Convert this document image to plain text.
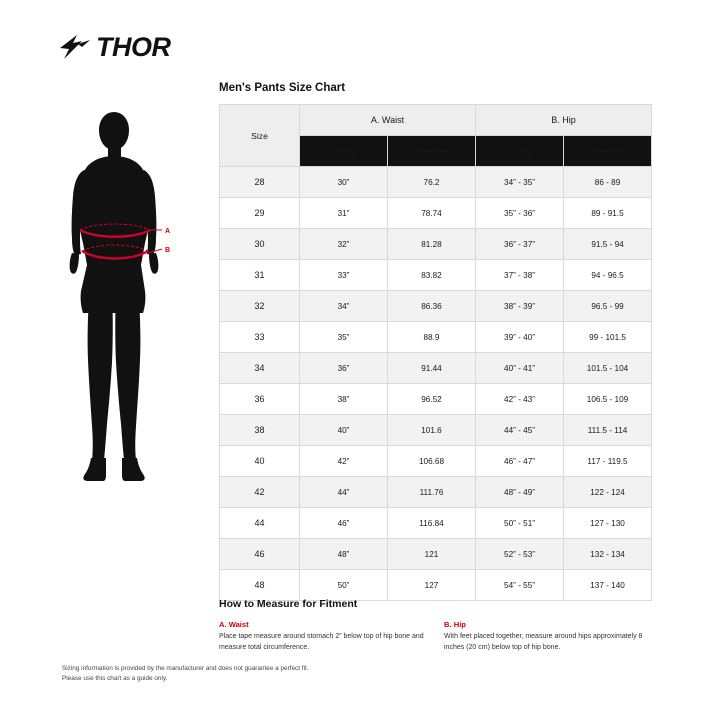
THOR
A
B
Men's Pants Size Chart
Size	A. Waist		B. Hip	
	Inches	Centimeters	Inches	Centimeters
28	30”	76.2	34” - 35”	86 - 89
29	31”	78.74	35” - 36”	89 - 91.5
30	32”	81.28	36” - 37”	91.5 - 94
31	33”	83.82	37” - 38”	94 - 96.5
32	34”	86.36	38” - 39”	96.5 - 99
33	35”	88.9	39” - 40”	99 - 101.5
34	36”	91.44	40” - 41”	101.5 - 104
36	38”	96.52	42” - 43”	106.5 - 109
38	40”	101.6	44” - 45”	111.5 - 114
40	42”	106.68	46” - 47”	117 - 119.5
42	44”	111.76	48” - 49”	122 - 124
44	46”	116.84	50” - 51”	127 - 130
46	48”	121	52” - 53”	132 - 134
48	50”	127	54” - 55”	137 - 140
How to Measure for Fitment
A. Waist
Place tape measure around stomach 2” below top of hip bone and measure total circumference.
B. Hip
With feet placed together, measure around hips approximately 8 inches (20 cm) below top of hip bone.
Sizing information is provided by the manufacturer and does not guarantee a perfect fit.
Please use this chart as a guide only.
